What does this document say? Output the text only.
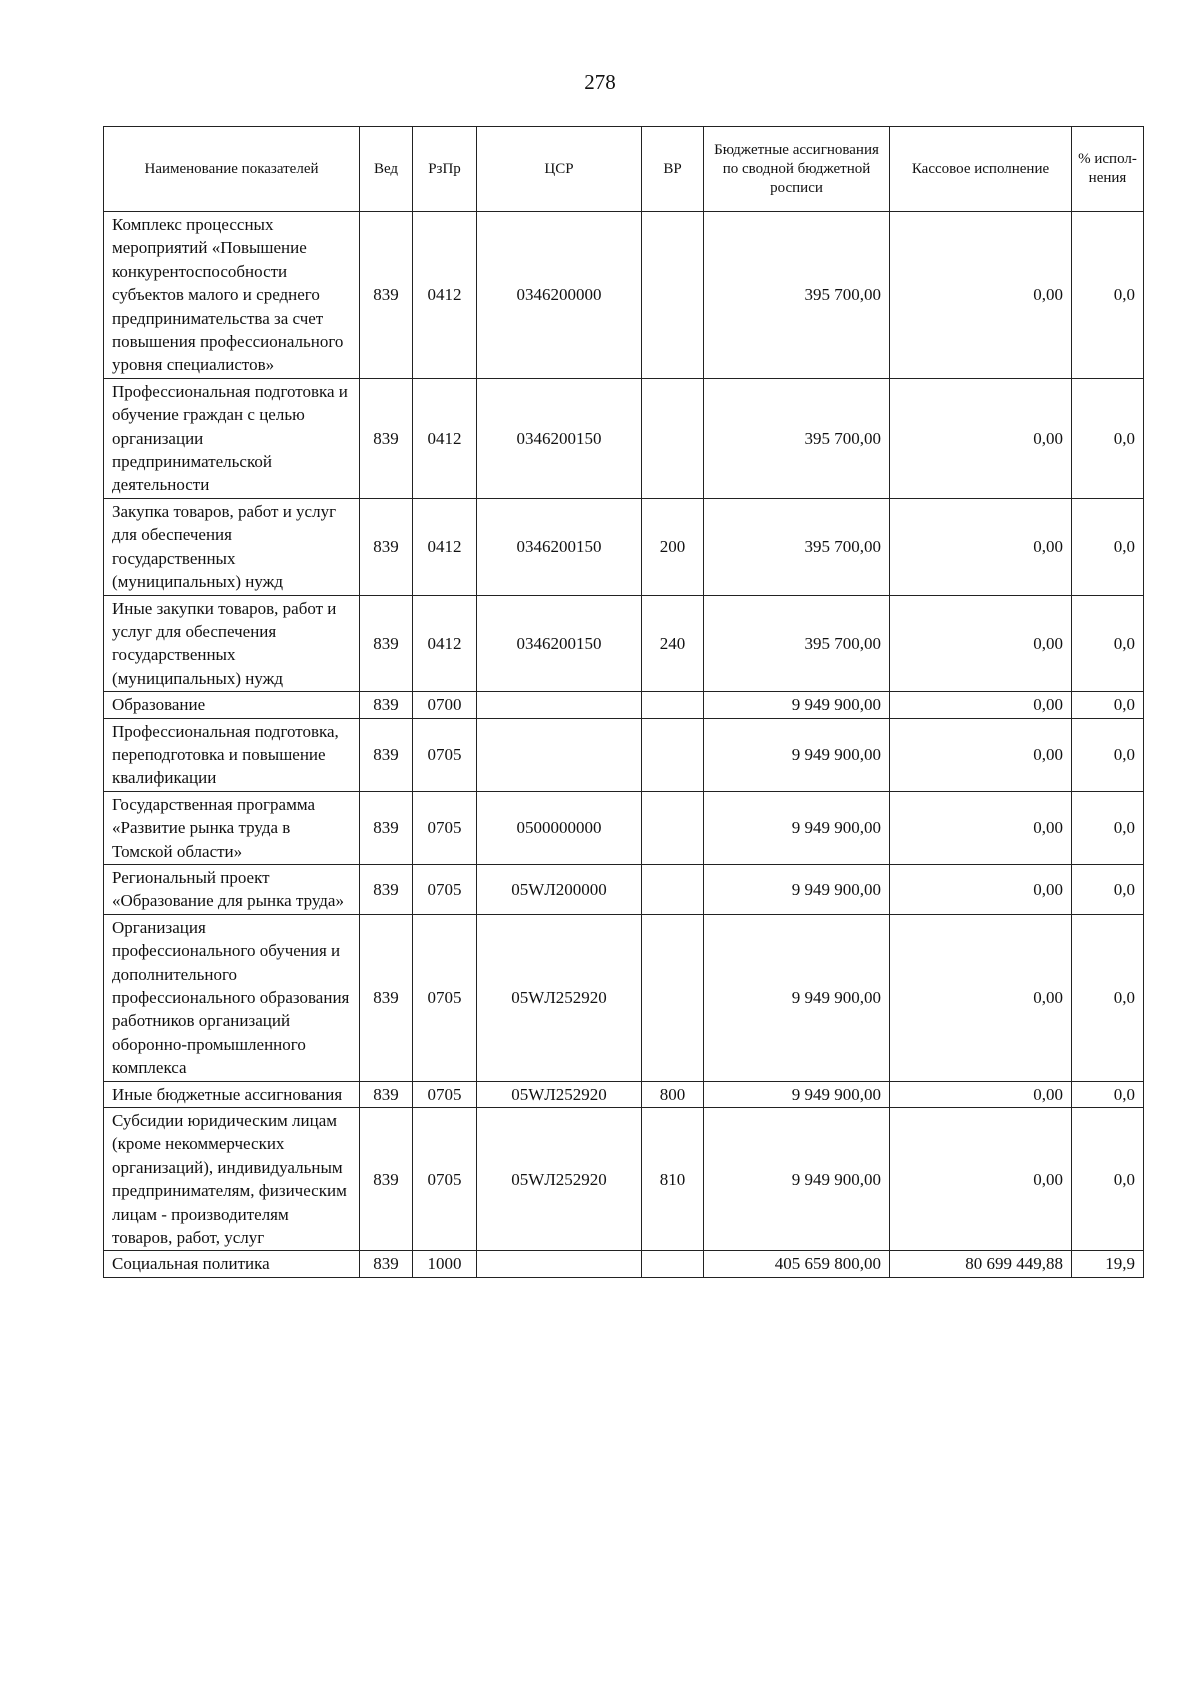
278
Наименование показателей	Вед	РзПр	ЦСР	ВР	Бюджетные ассигнования по сводной бюджетной росписи	Кассовое исполнение	% испол-нения
Комплекс процессных мероприятий «Повышение конкурентоспособности субъектов малого и среднего предпринимательства за счет повышения профессионального уровня специалистов»	839	0412	0346200000		395 700,00	0,00	0,0
Профессиональная подготовка и обучение граждан с целью организации предпринимательской деятельности	839	0412	0346200150		395 700,00	0,00	0,0
Закупка товаров, работ и услуг для обеспечения государственных (муниципальных) нужд	839	0412	0346200150	200	395 700,00	0,00	0,0
Иные закупки товаров, работ и услуг для обеспечения государственных (муниципальных) нужд	839	0412	0346200150	240	395 700,00	0,00	0,0
Образование	839	0700			9 949 900,00	0,00	0,0
Профессиональная подготовка, переподготовка и повышение квалификации	839	0705			9 949 900,00	0,00	0,0
Государственная программа «Развитие рынка труда в Томской области»	839	0705	0500000000		9 949 900,00	0,00	0,0
Региональный проект «Образование для рынка труда»	839	0705	05WЛ200000		9 949 900,00	0,00	0,0
Организация профессионального обучения и дополнительного профессионального образования работников организаций оборонно-промышленного комплекса	839	0705	05WЛ252920		9 949 900,00	0,00	0,0
Иные бюджетные ассигнования	839	0705	05WЛ252920	800	9 949 900,00	0,00	0,0
Субсидии юридическим лицам (кроме некоммерческих организаций), индивидуальным предпринимателям, физическим лицам - производителям товаров, работ, услуг	839	0705	05WЛ252920	810	9 949 900,00	0,00	0,0
Социальная политика	839	1000			405 659 800,00	80 699 449,88	19,9
